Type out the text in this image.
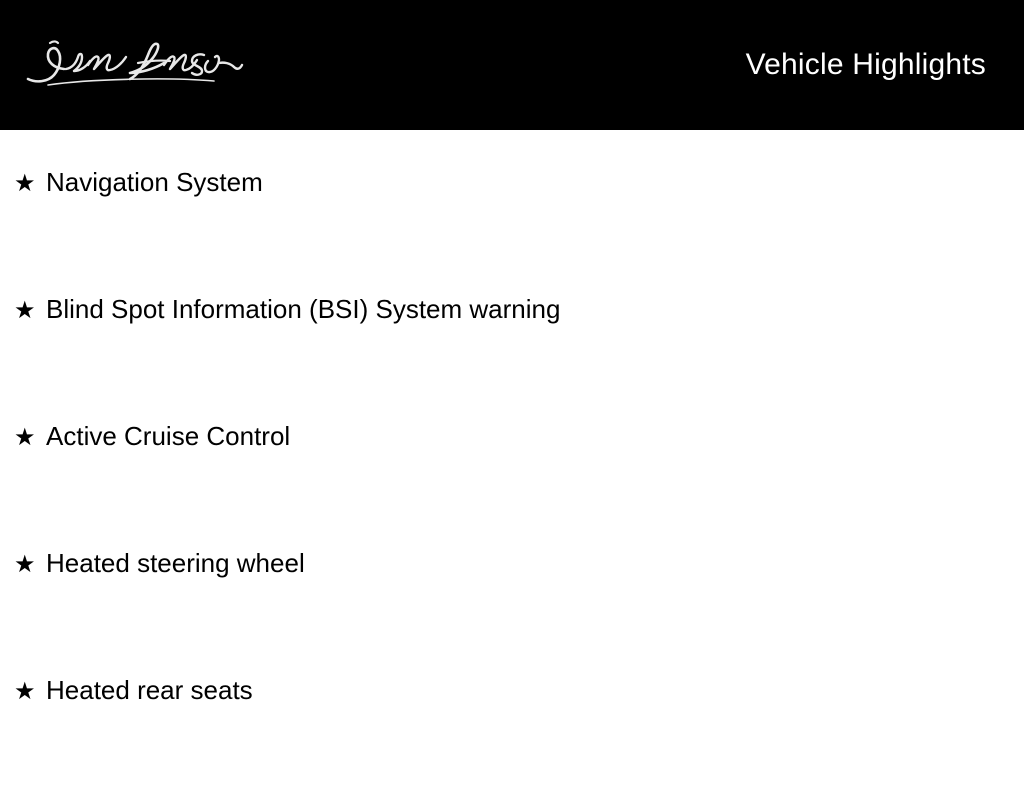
Vehicle Highlights
★ Navigation System
★ Blind Spot Information (BSI) System warning
★ Active Cruise Control
★ Heated steering wheel
★ Heated rear seats
